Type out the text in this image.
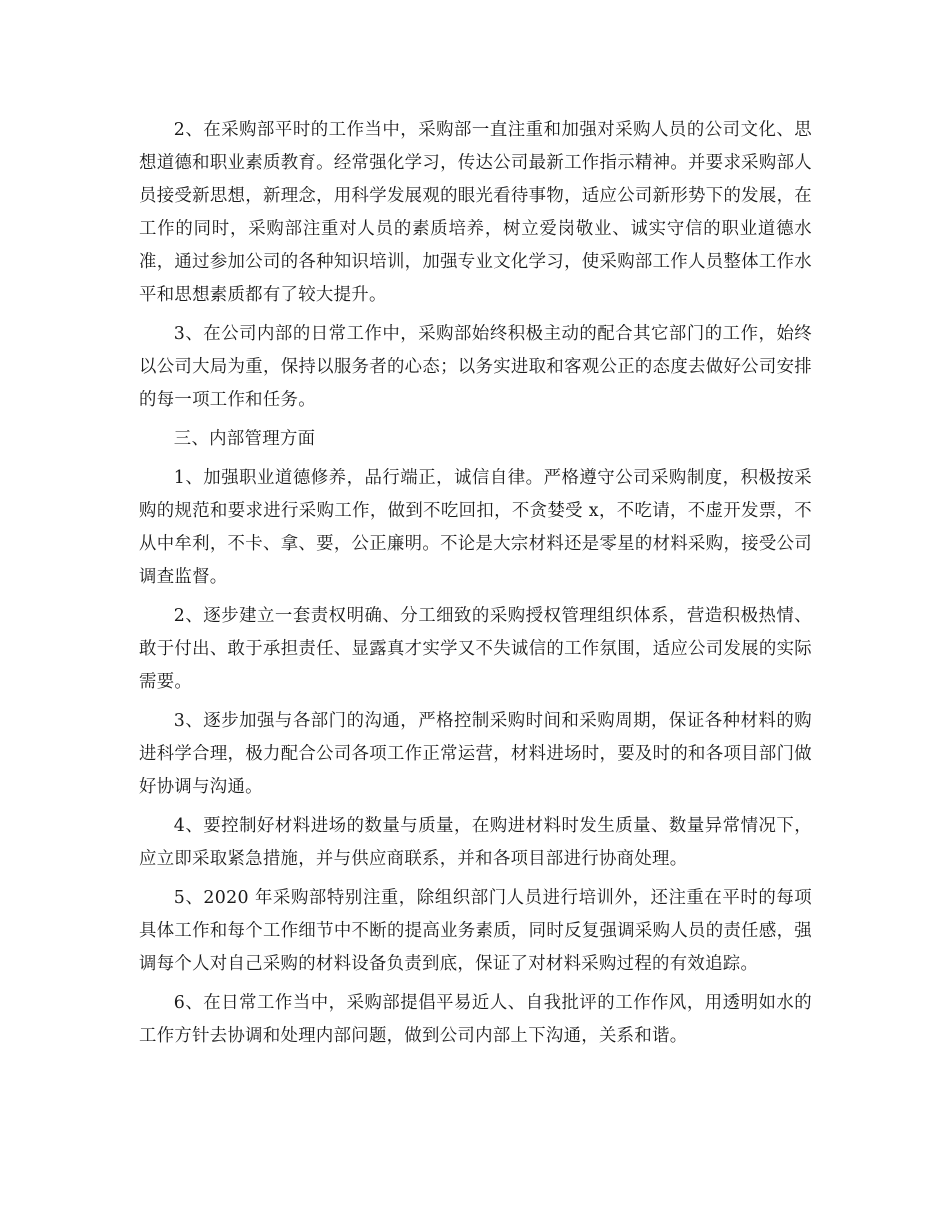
2、在采购部平时的工作当中，采购部一直注重和加强对采购人员的公司文化、思想道德和职业素质教育。经常强化学习，传达公司最新工作指示精神。并要求采购部人员接受新思想，新理念，用科学发展观的眼光看待事物，适应公司新形势下的发展，在工作的同时，采购部注重对人员的素质培养，树立爱岗敬业、诚实守信的职业道德水准，通过参加公司的各种知识培训，加强专业文化学习，使采购部工作人员整体工作水平和思想素质都有了较大提升。

3、在公司内部的日常工作中，采购部始终积极主动的配合其它部门的工作，始终以公司大局为重，保持以服务者的心态；以务实进取和客观公正的态度去做好公司安排的每一项工作和任务。

三、内部管理方面

1、加强职业道德修养，品行端正，诚信自律。严格遵守公司采购制度，积极按采购的规范和要求进行采购工作，做到不吃回扣，不贪婪受 x，不吃请，不虚开发票，不从中牟利，不卡、拿、要，公正廉明。不论是大宗材料还是零星的材料采购，接受公司调查监督。

2、逐步建立一套责权明确、分工细致的采购授权管理组织体系，营造积极热情、敢于付出、敢于承担责任、显露真才实学又不失诚信的工作氛围，适应公司发展的实际需要。

3、逐步加强与各部门的沟通，严格控制采购时间和采购周期，保证各种材料的购进科学合理，极力配合公司各项工作正常运营，材料进场时，要及时的和各项目部门做好协调与沟通。

4、要控制好材料进场的数量与质量，在购进材料时发生质量、数量异常情况下，应立即采取紧急措施，并与供应商联系，并和各项目部进行协商处理。

5、2020 年采购部特别注重，除组织部门人员进行培训外，还注重在平时的每项具体工作和每个工作细节中不断的提高业务素质，同时反复强调采购人员的责任感，强调每个人对自己采购的材料设备负责到底，保证了对材料采购过程的有效追踪。

6、在日常工作当中，采购部提倡平易近人、自我批评的工作作风，用透明如水的工作方针去协调和处理内部问题，做到公司内部上下沟通，关系和谐。
